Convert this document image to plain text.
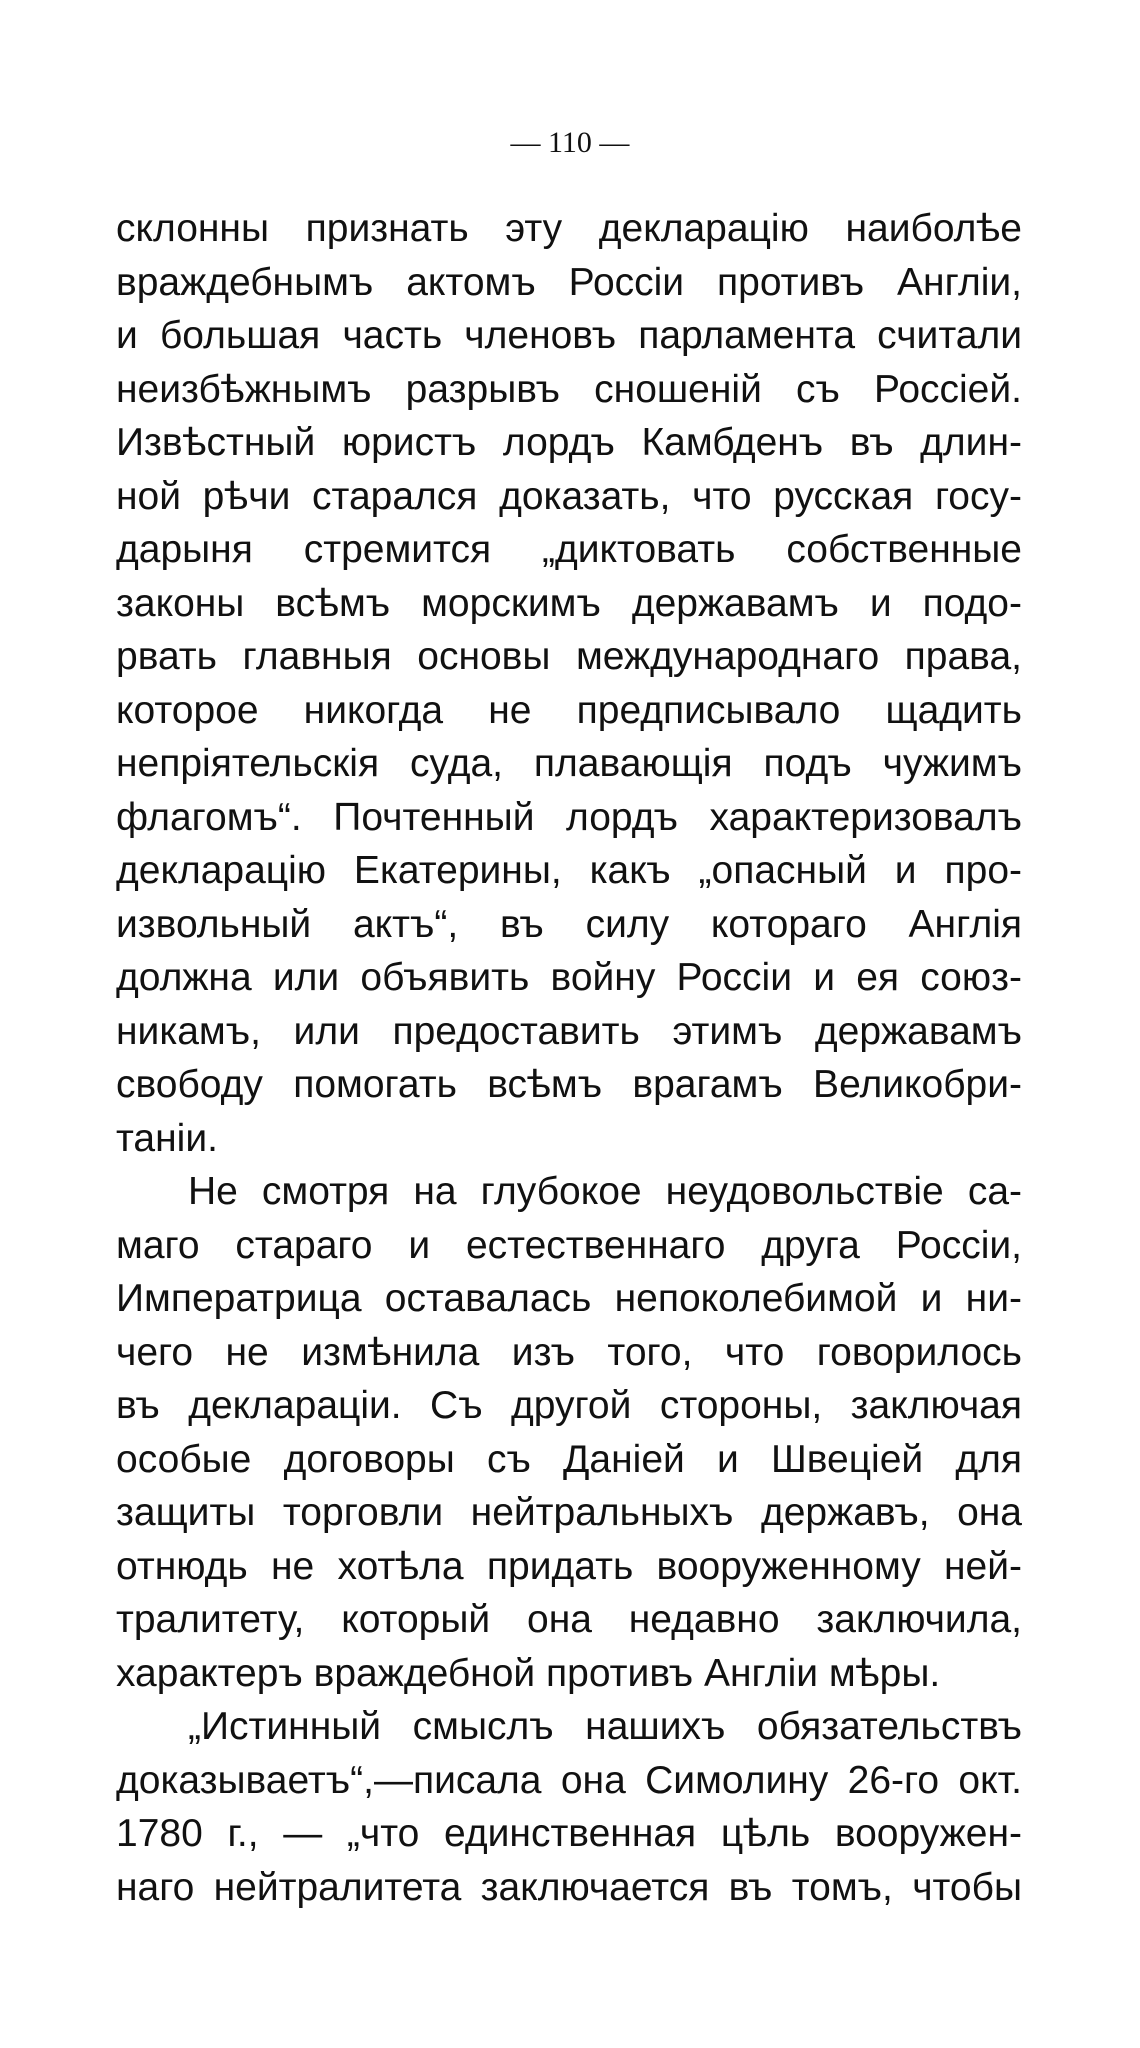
— 110 —
склонны признать эту декларацію наиболѣе
враждебнымъ актомъ Россіи противъ Англіи,
и большая часть членовъ парламента считали
неизбѣжнымъ разрывъ сношеній съ Россіей.
Извѣстный юристъ лордъ Камбденъ въ длин-
ной рѣчи старался доказать, что русская госу-
дарыня стремится „диктовать собственные
законы всѣмъ морскимъ державамъ и подо-
рвать главныя основы международнаго права,
которое никогда не предписывало щадить
непріятельскія суда, плавающія подъ чужимъ
флагомъ“. Почтенный лордъ характеризовалъ
декларацію Екатерины, какъ „опасный и про-
извольный актъ“, въ силу котораго Англія
должна или объявить войну Россіи и ея союз-
никамъ, или предоставить этимъ державамъ
свободу помогать всѣмъ врагамъ Великобри-
таніи.
Не смотря на глубокое неудовольствіе са-
маго стараго и естественнаго друга Россіи,
Императрица оставалась непоколебимой и ни-
чего не измѣнила изъ того, что говорилось
въ деклараціи. Съ другой стороны, заключая
особые договоры съ Даніей и Швеціей для
защиты торговли нейтральныхъ державъ, она
отнюдь не хотѣла придать вооруженному ней-
тралитету, который она недавно заключила,
характеръ враждебной противъ Англіи мѣры.
„Истинный смыслъ нашихъ обязательствъ
доказываетъ“,—писала она Симолину 26-го окт.
1780 г., — „что единственная цѣль вооружен-
наго нейтралитета заключается въ томъ, чтобы
